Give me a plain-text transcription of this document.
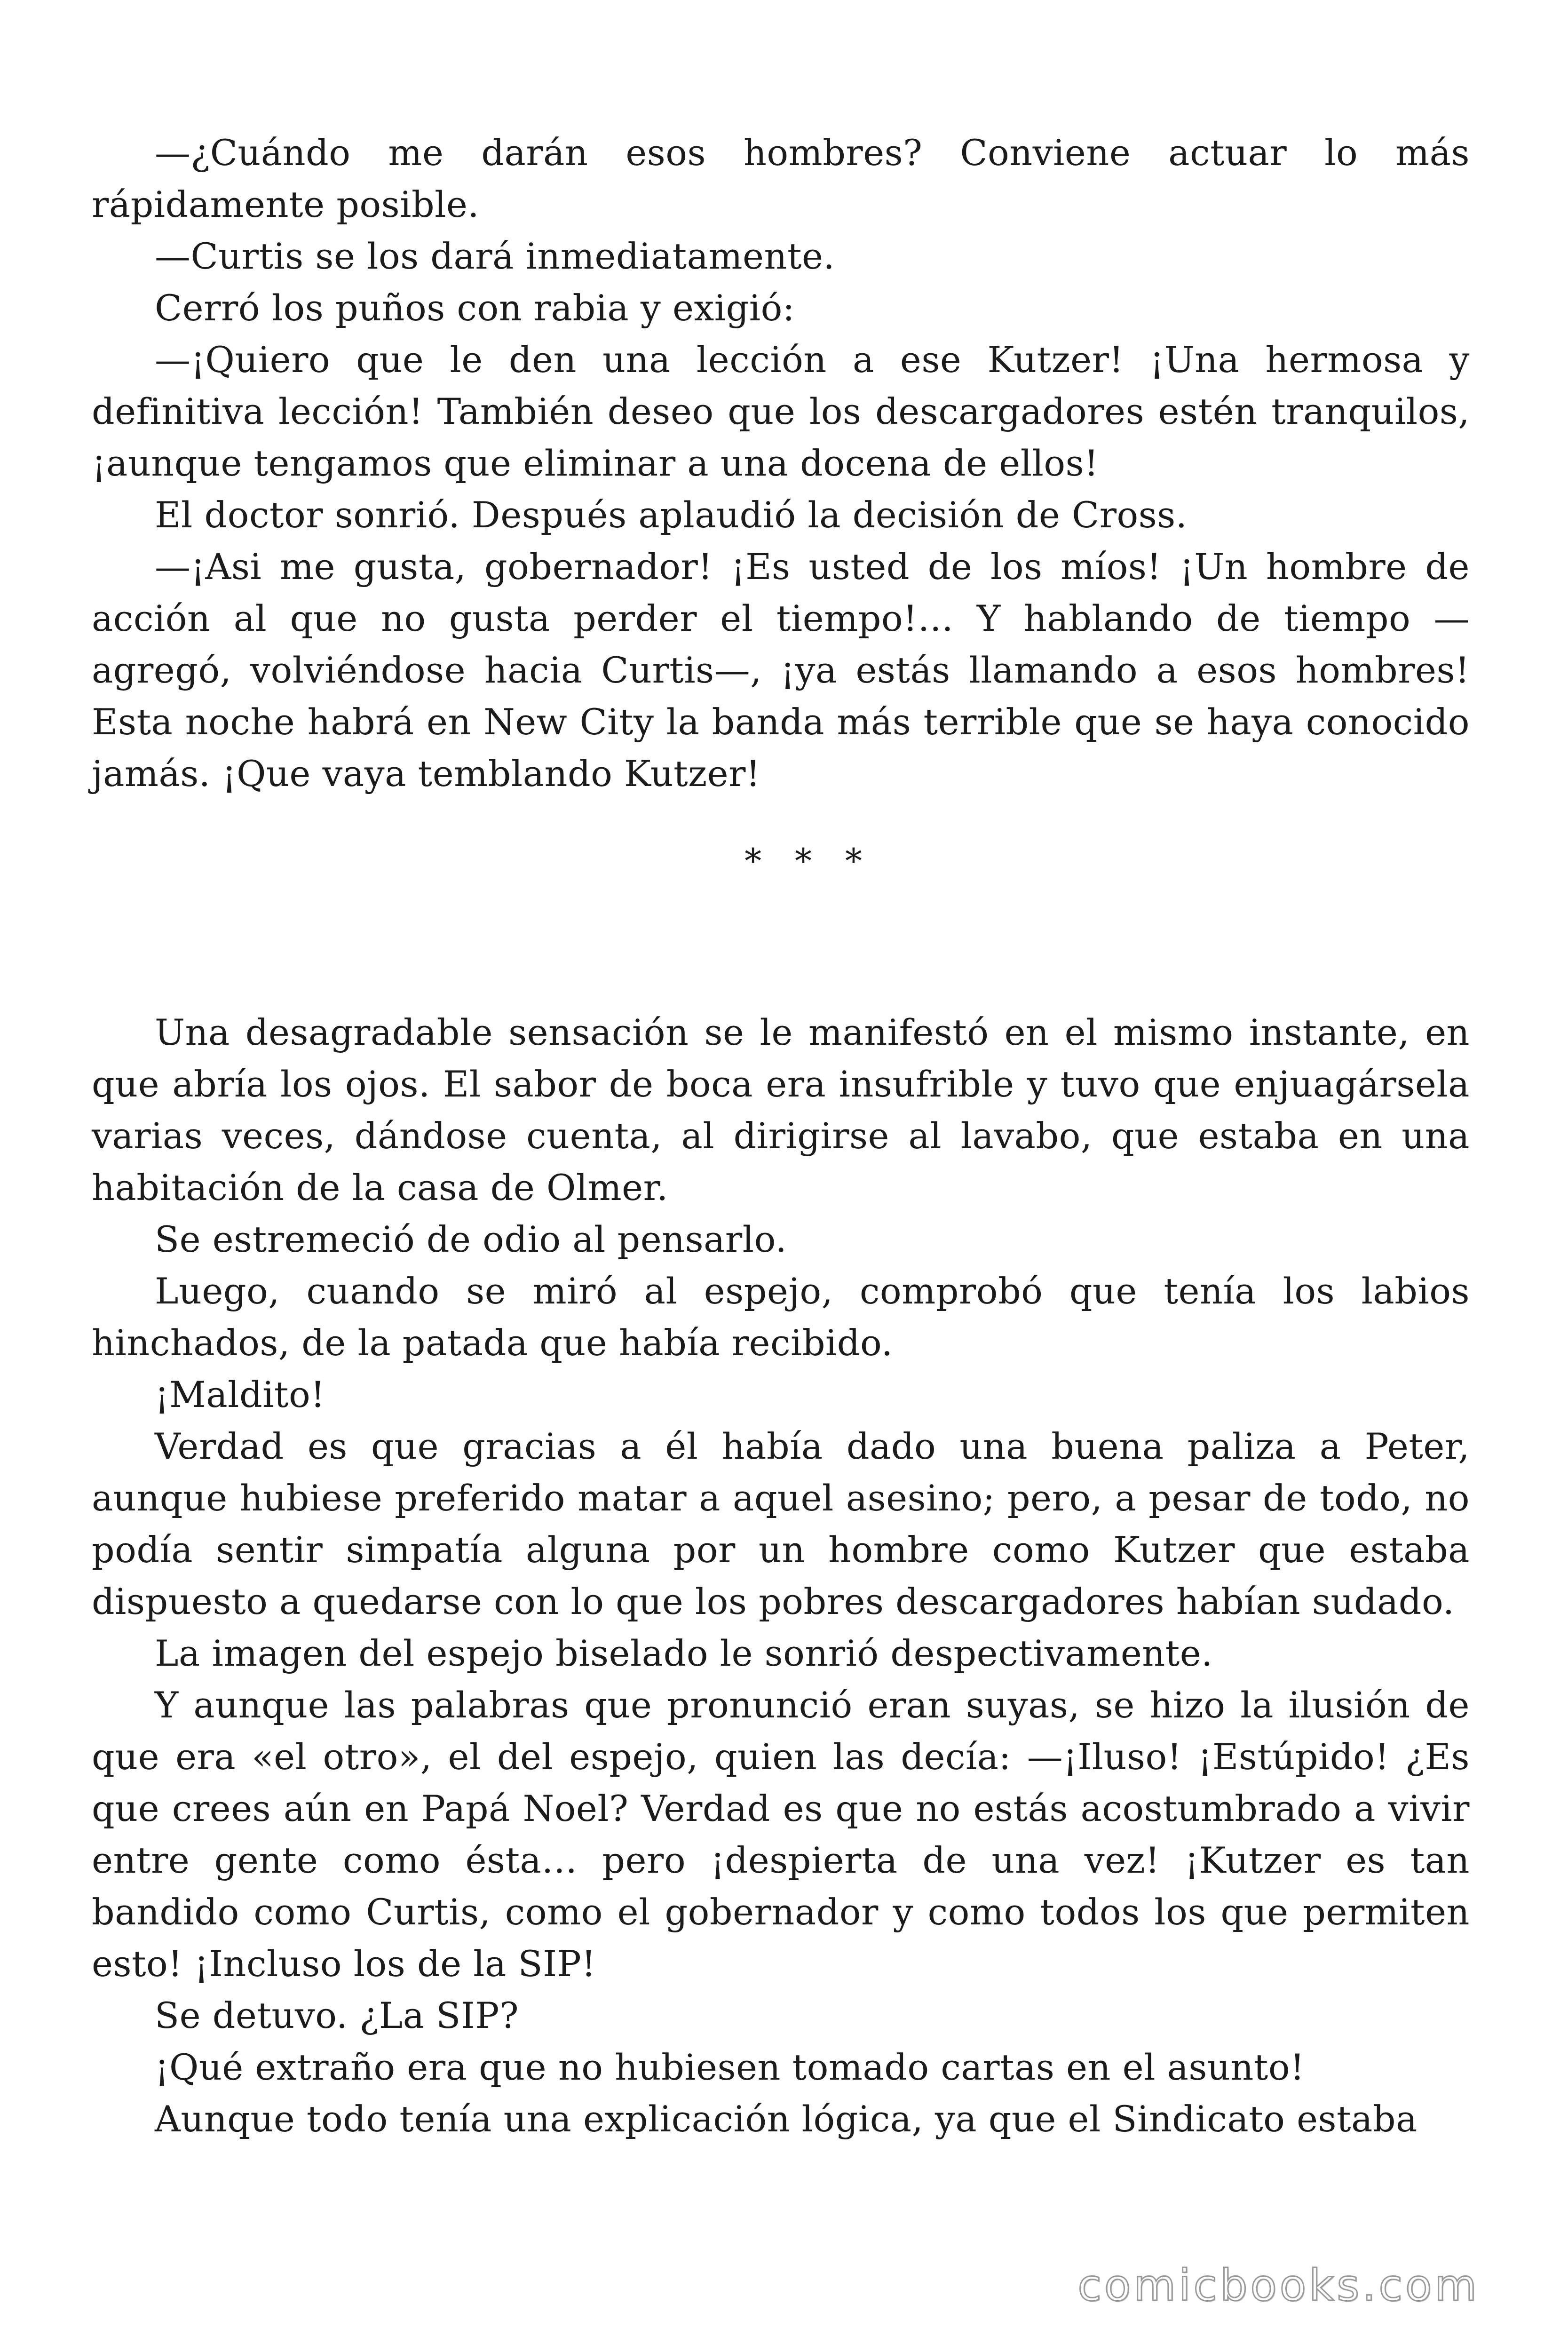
—¿Cuándo me darán esos hombres? Conviene actuar lo más rápidamente posible.

—Curtis se los dará inmediatamente.

Cerró los puños con rabia y exigió:

—¡Quiero que le den una lección a ese Kutzer! ¡Una hermosa y definitiva lección! También deseo que los descargadores estén tranquilos, ¡aunque tengamos que eliminar a una docena de ellos!

El doctor sonrió. Después aplaudió la decisión de Cross.

—¡Asi me gusta, gobernador! ¡Es usted de los míos! ¡Un hombre de acción al que no gusta perder el tiempo!… Y hablando de tiempo —agregó, volviéndose hacia Curtis—, ¡ya estás llamando a esos hombres! Esta noche habrá en New City la banda más terrible que se haya conocido jamás. ¡Que vaya temblando Kutzer!

* * *

Una desagradable sensación se le manifestó en el mismo instante, en que abría los ojos. El sabor de boca era insufrible y tuvo que enjuagársela varias veces, dándose cuenta, al dirigirse al lavabo, que estaba en una habitación de la casa de Olmer.

Se estremeció de odio al pensarlo.

Luego, cuando se miró al espejo, comprobó que tenía los labios hinchados, de la patada que había recibido.

¡Maldito!

Verdad es que gracias a él había dado una buena paliza a Peter, aunque hubiese preferido matar a aquel asesino; pero, a pesar de todo, no podía sentir simpatía alguna por un hombre como Kutzer que estaba dispuesto a quedarse con lo que los pobres descargadores habían sudado.

La imagen del espejo biselado le sonrió despectivamente.

Y aunque las palabras que pronunció eran suyas, se hizo la ilusión de que era «el otro», el del espejo, quien las decía: —¡Iluso! ¡Estúpido! ¿Es que crees aún en Papá Noel? Verdad es que no estás acostumbrado a vivir entre gente como ésta… pero ¡despierta de una vez! ¡Kutzer es tan bandido como Curtis, como el gobernador y como todos los que permiten esto! ¡Incluso los de la SIP!

Se detuvo. ¿La SIP?

¡Qué extraño era que no hubiesen tomado cartas en el asunto!

Aunque todo tenía una explicación lógica, ya que el Sindicato estaba

comicbooks.com
